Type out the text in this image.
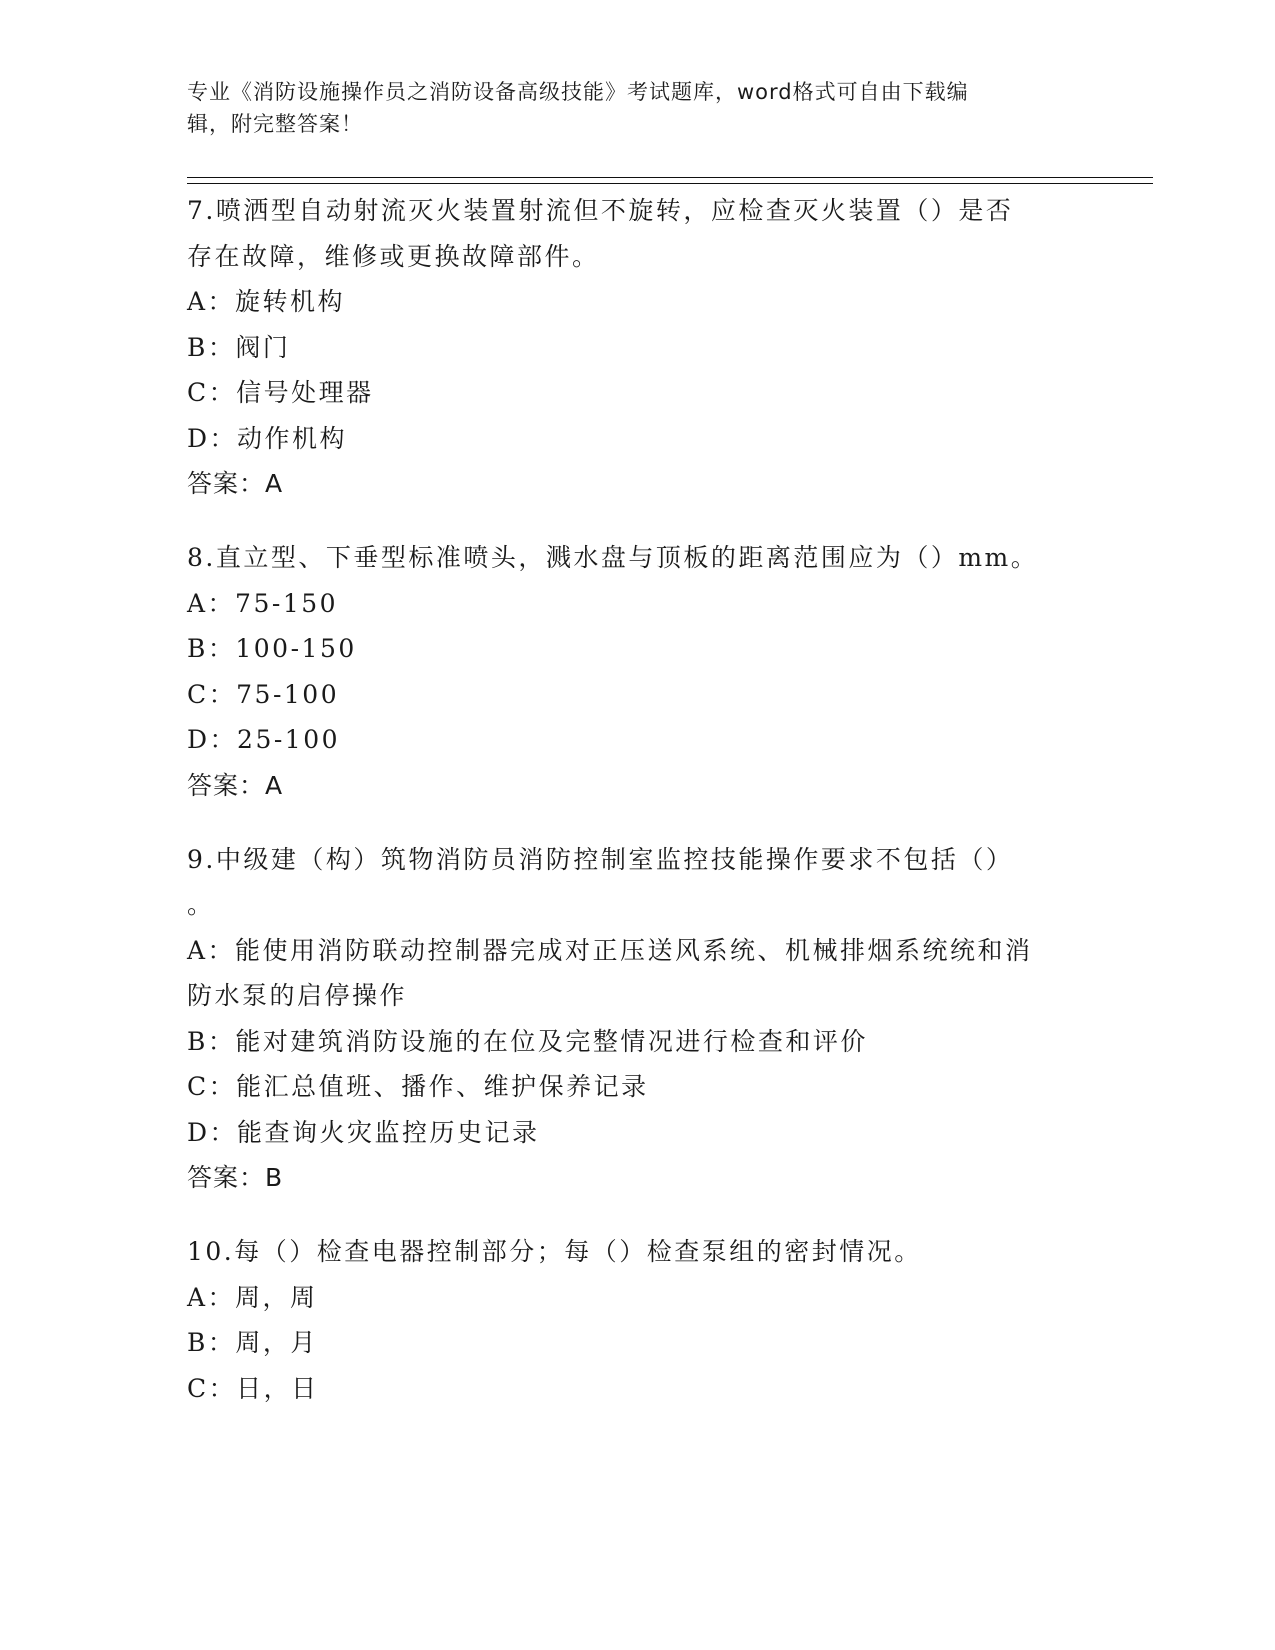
专业《消防设施操作员之消防设备高级技能》考试题库，word格式可自由下载编
辑，附完整答案！
7.喷洒型自动射流灭火装置射流但不旋转，应检查灭火装置（）是否
存在故障，维修或更换故障部件。
A：旋转机构
B：阀门
C：信号处理器
D：动作机构
答案：A
8.直立型、下垂型标准喷头，溅水盘与顶板的距离范围应为（）mm。
A：75-150
B：100-150
C：75-100
D：25-100
答案：A
9.中级建（构）筑物消防员消防控制室监控技能操作要求不包括（）
。
A：能使用消防联动控制器完成对正压送风系统、机械排烟系统统和消
防水泵的启停操作
B：能对建筑消防设施的在位及完整情况进行检查和评价
C：能汇总值班、播作、维护保养记录
D：能查询火灾监控历史记录
答案：B
10.每（）检查电器控制部分；每（）检查泵组的密封情况。
A：周，周
B：周，月
C：日，日
